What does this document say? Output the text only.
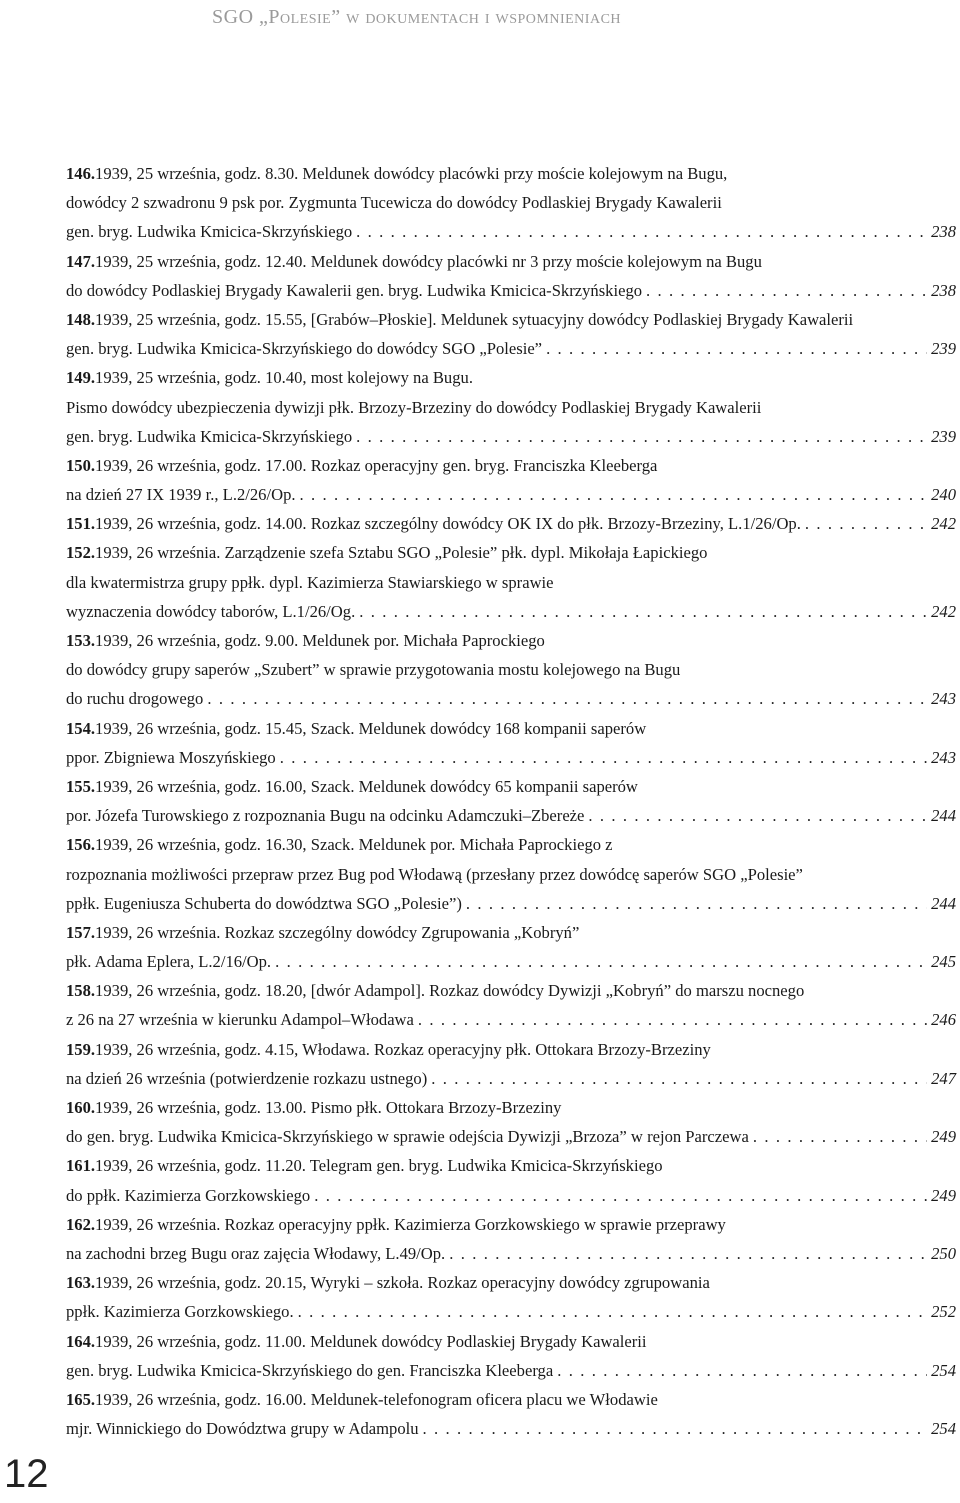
SGO „Polesie” w dokumentach i wspomnieniach
146. 1939, 25 września, godz. 8.30. Meldunek dowódcy placówki przy moście kolejowym na Bugu,
dowódcy 2 szwadronu 9 psk por. Zygmunta Tucewicza do dowódcy Podlaskiej Brygady Kawalerii
gen. bryg. Ludwika Kmicica-Skrzyńskiego . . .	238
147. 1939, 25 września, godz. 12.40. Meldunek dowódcy placówki nr 3 przy moście kolejowym na Bugu
do dowódcy Podlaskiej Brygady Kawalerii gen. bryg. Ludwika Kmicica-Skrzyńskiego . . .	238
148. 1939, 25 września, godz. 15.55, [Grabów–Płoskie]. Meldunek sytuacyjny dowódcy Podlaskiej Brygady Kawalerii
gen. bryg. Ludwika Kmicica-Skrzyńskiego do dowódcy SGO „Polesie” . . .	239
149. 1939, 25 września, godz. 10.40, most kolejowy na Bugu.
Pismo dowódcy ubezpieczenia dywizji płk. Brzozy-Brzeziny do dowódcy Podlaskiej Brygady Kawalerii
gen. bryg. Ludwika Kmicica-Skrzyńskiego . . .	239
150. 1939, 26 września, godz. 17.00. Rozkaz operacyjny gen. bryg. Franciszka Kleeberga
na dzień 27 IX 1939 r., L.2/26/Op. . . .	240
151. 1939, 26 września, godz. 14.00. Rozkaz szczególny dowódcy OK IX do płk. Brzozy-Brzeziny, L.1/26/Op. . . .	242
152. 1939, 26 września. Zarządzenie szefa Sztabu SGO „Polesie” płk. dypl. Mikołaja Łapickiego
dla kwatermistrza grupy ppłk. dypl. Kazimierza Stawiarskiego w sprawie
wyznaczenia dowódcy taborów, L.1/26/Og. . . .	242
153. 1939, 26 września, godz. 9.00. Meldunek por. Michała Paprockiego
do dowódcy grupy saperów „Szubert” w sprawie przygotowania mostu kolejowego na Bugu
do ruchu drogowego . . .	243
154. 1939, 26 września, godz. 15.45, Szack. Meldunek dowódcy 168 kompanii saperów
ppor. Zbigniewa Moszyńskiego . . .	243
155. 1939, 26 września, godz. 16.00, Szack. Meldunek dowódcy 65 kompanii saperów
por. Józefa Turowskiego z rozpoznania Bugu na odcinku Adamczuki–Zbereże . . .	244
156. 1939, 26 września, godz. 16.30, Szack. Meldunek por. Michała Paprockiego z
rozpoznania możliwości przepraw przez Bug pod Włodawą (przesłany przez dowódcę saperów SGO „Polesie”
ppłk. Eugeniusza Schuberta do dowództwa SGO „Polesie”) . . .	244
157. 1939, 26 września. Rozkaz szczególny dowódcy Zgrupowania „Kobryń”
płk. Adama Eplera, L.2/16/Op. . . .	245
158. 1939, 26 września, godz. 18.20, [dwór Adampol]. Rozkaz dowódcy Dywizji „Kobryń” do marszu nocnego
z 26 na 27 września w kierunku Adampol–Włodawa . . .	246
159. 1939, 26 września, godz. 4.15, Włodawa. Rozkaz operacyjny płk. Ottokara Brzozy-Brzeziny
na dzień 26 września (potwierdzenie rozkazu ustnego) . . .	247
160. 1939, 26 września, godz. 13.00. Pismo płk. Ottokara Brzozy-Brzeziny
do gen. bryg. Ludwika Kmicica-Skrzyńskiego w sprawie odejścia Dywizji „Brzoza” w rejon Parczewa . . .	249
161. 1939, 26 września, godz. 11.20. Telegram gen. bryg. Ludwika Kmicica-Skrzyńskiego
do ppłk. Kazimierza Gorzkowskiego . . .	249
162. 1939, 26 września. Rozkaz operacyjny ppłk. Kazimierza Gorzkowskiego w sprawie przeprawy
na zachodni brzeg Bugu oraz zajęcia Włodawy, L.49/Op. . . .	250
163. 1939, 26 września, godz. 20.15, Wyryki – szkoła. Rozkaz operacyjny dowódcy zgrupowania
ppłk. Kazimierza Gorzkowskiego. . . .	252
164. 1939, 26 września, godz. 11.00. Meldunek dowódcy Podlaskiej Brygady Kawalerii
gen. bryg. Ludwika Kmicica-Skrzyńskiego do gen. Franciszka Kleeberga . . .	254
165. 1939, 26 września, godz. 16.00. Meldunek-telefonogram oficera placu we Włodawie
mjr. Winnickiego do Dowództwa grupy w Adampolu . . .	254
12
